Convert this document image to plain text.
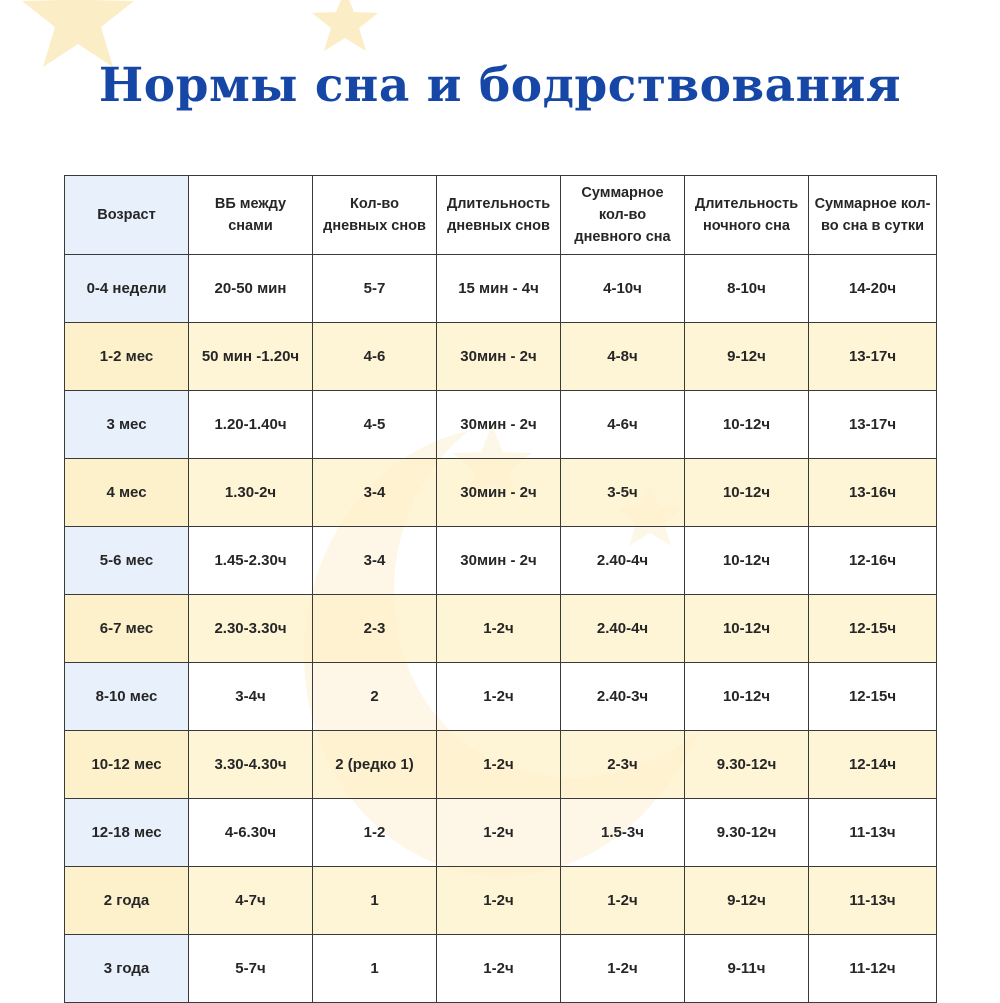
Нормы сна и бодрствования
Возраст	ВБ между снами	Кол-во дневных снов	Длительность дневных снов	Суммарное кол-во дневного сна	Длительность ночного сна	Суммарное кол-во сна в сутки
0-4 недели	20-50 мин	5-7	15 мин - 4ч	4-10ч	8-10ч	14-20ч
1-2 мес	50 мин -1.20ч	4-6	30мин - 2ч	4-8ч	9-12ч	13-17ч
3 мес	1.20-1.40ч	4-5	30мин - 2ч	4-6ч	10-12ч	13-17ч
4 мес	1.30-2ч	3-4	30мин - 2ч	3-5ч	10-12ч	13-16ч
5-6 мес	1.45-2.30ч	3-4	30мин - 2ч	2.40-4ч	10-12ч	12-16ч
6-7 мес	2.30-3.30ч	2-3	1-2ч	2.40-4ч	10-12ч	12-15ч
8-10 мес	3-4ч	2	1-2ч	2.40-3ч	10-12ч	12-15ч
10-12 мес	3.30-4.30ч	2 (редко 1)	1-2ч	2-3ч	9.30-12ч	12-14ч
12-18 мес	4-6.30ч	1-2	1-2ч	1.5-3ч	9.30-12ч	11-13ч
2 года	4-7ч	1	1-2ч	1-2ч	9-12ч	11-13ч
3 года	5-7ч	1	1-2ч	1-2ч	9-11ч	11-12ч
